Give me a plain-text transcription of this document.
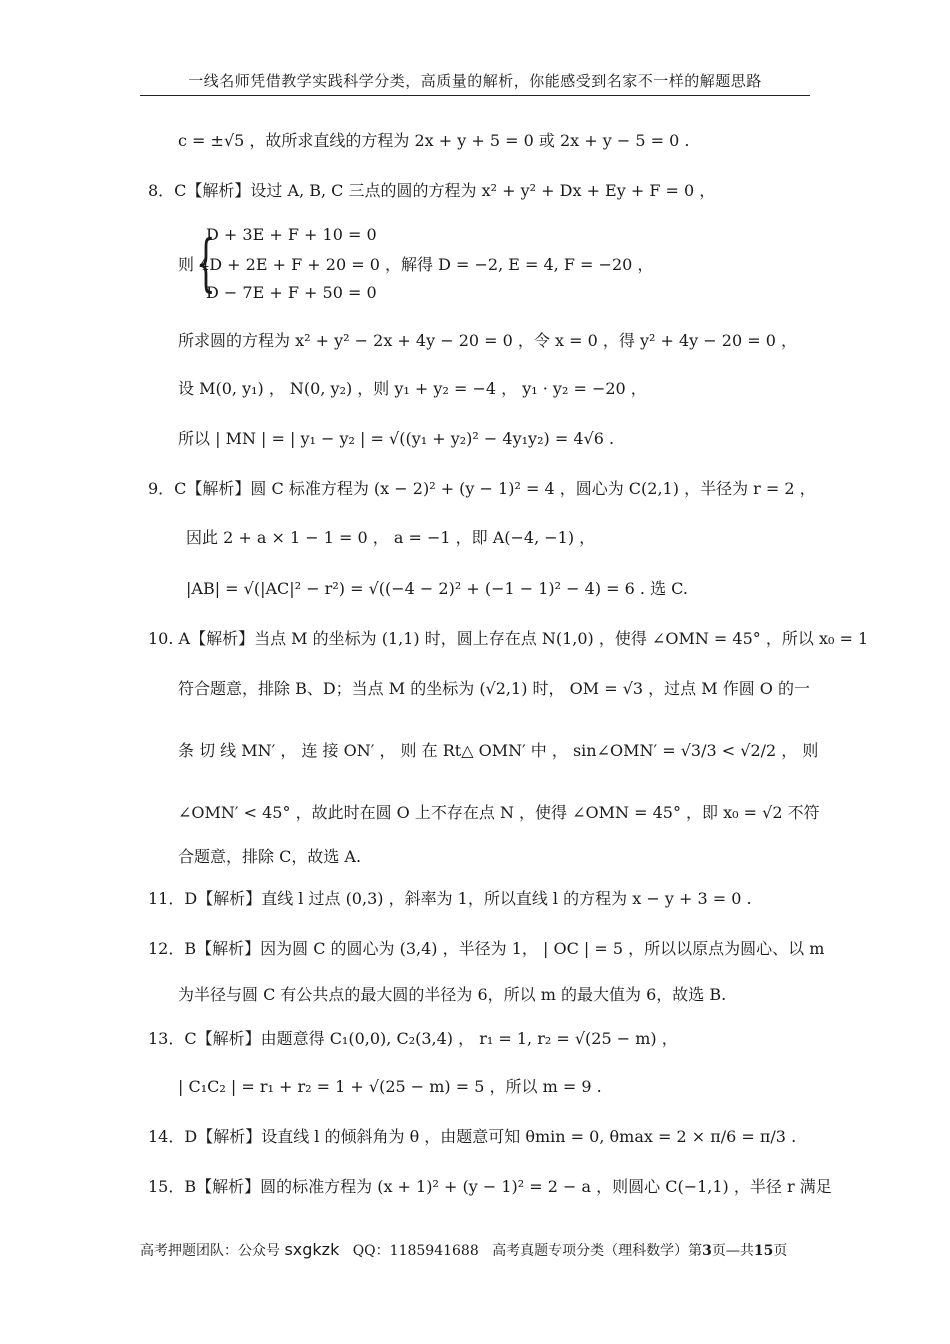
一线名师凭借教学实践科学分类，高质量的解析，你能感受到名家不一样的解题思路
c = ±√5 ，故所求直线的方程为 2x + y + 5 = 0 或 2x + y − 5 = 0 .
8．C【解析】设过 A, B, C 三点的圆的方程为 x² + y² + Dx + Ey + F = 0 ，
{
D + 3E + F + 10 = 0
则 4D + 2E + F + 20 = 0 ，解得 D = −2, E = 4, F = −20 ，
D − 7E + F + 50 = 0
所求圆的方程为 x² + y² − 2x + 4y − 20 = 0 ，令 x = 0 ，得 y² + 4y − 20 = 0 ，
设 M(0, y₁) ， N(0, y₂) ，则 y₁ + y₂ = −4 ， y₁ · y₂ = −20 ，
所以 | MN | = | y₁ − y₂ | = √((y₁ + y₂)² − 4y₁y₂) = 4√6 .
9．C【解析】圆 C 标准方程为 (x − 2)² + (y − 1)² = 4 ，圆心为 C(2,1) ，半径为 r = 2 ，
因此 2 + a × 1 − 1 = 0 ， a = −1 ，即 A(−4, −1) ，
|AB| = √(|AC|² − r²) = √((−4 − 2)² + (−1 − 1)² − 4) = 6 . 选 C.
10. A【解析】当点 M 的坐标为 (1,1) 时，圆上存在点 N(1,0) ，使得 ∠OMN = 45° ，所以 x₀ = 1
符合题意，排除 B、D；当点 M 的坐标为 (√2,1) 时， OM = √3 ，过点 M 作圆 O 的一
条 切 线 MN′ ， 连 接 ON′ ， 则 在 Rt△ OMN′ 中 ， sin∠OMN′ = √3/3 < √2/2 ， 则
∠OMN′ < 45° ，故此时在圆 O 上不存在点 N ，使得 ∠OMN = 45° ，即 x₀ = √2 不符
合题意，排除 C，故选 A.
11．D【解析】直线 l 过点 (0,3) ，斜率为 1，所以直线 l 的方程为 x − y + 3 = 0 .
12．B【解析】因为圆 C 的圆心为 (3,4) ，半径为 1， | OC | = 5 ，所以以原点为圆心、以 m
为半径与圆 C 有公共点的最大圆的半径为 6，所以 m 的最大值为 6，故选 B.
13．C【解析】由题意得 C₁(0,0), C₂(3,4) ， r₁ = 1, r₂ = √(25 − m) ，
| C₁C₂ | = r₁ + r₂ = 1 + √(25 − m) = 5 ，所以 m = 9 .
14．D【解析】设直线 l 的倾斜角为 θ ，由题意可知 θmin = 0, θmax = 2 × π/6 = π/3 .
15．B【解析】圆的标准方程为 (x + 1)² + (y − 1)² = 2 − a ，则圆心 C(−1,1) ，半径 r 满足
高考押题团队：公众号 sxgkzk QQ：1185941688 高考真题专项分类（理科数学）第3页—共15页
